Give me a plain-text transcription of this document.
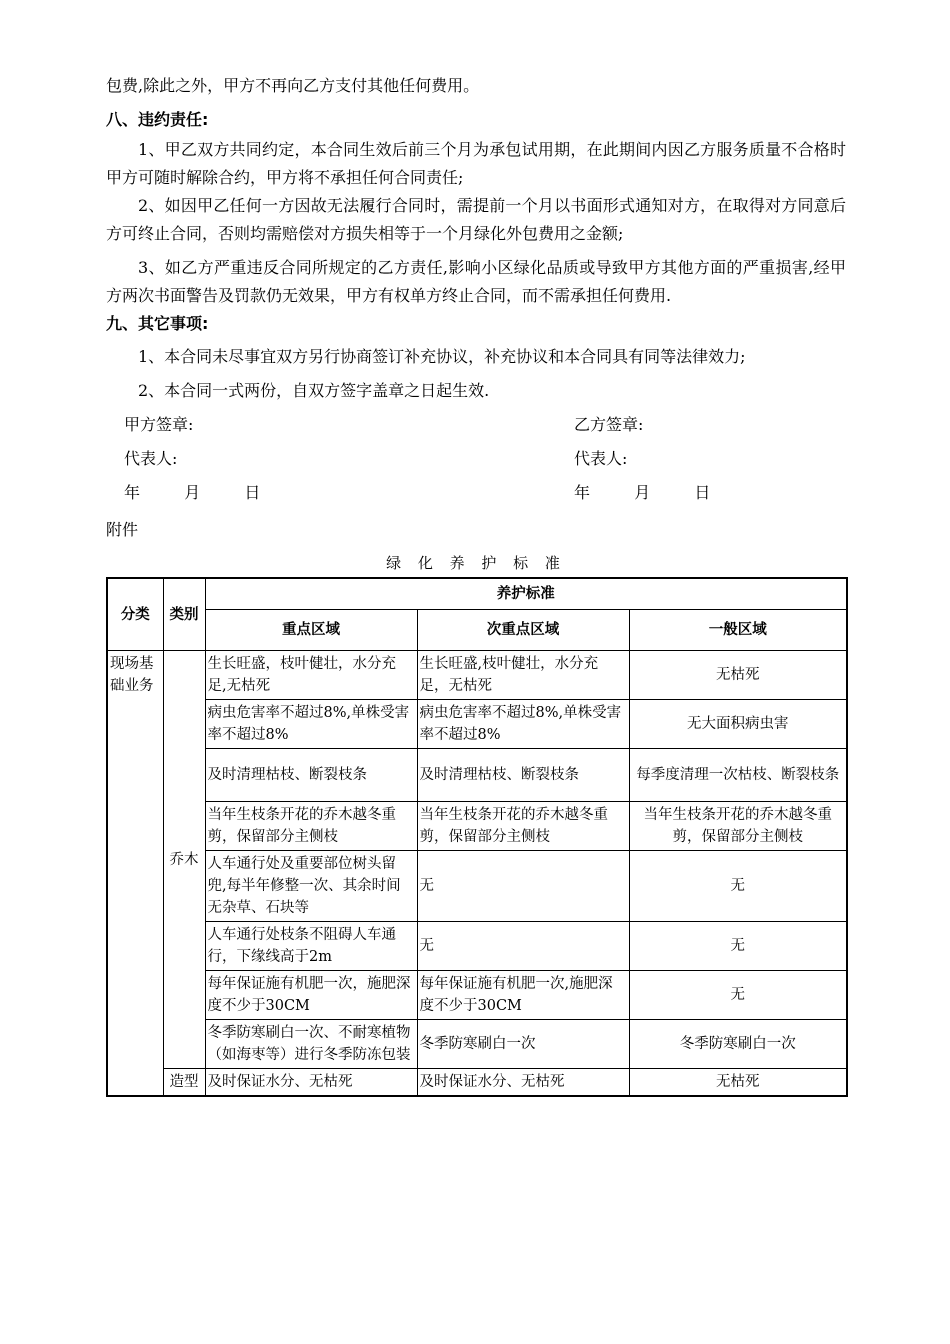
包费,除此之外，甲方不再向乙方支付其他任何费用。

八、违约责任:

1、甲乙双方共同约定，本合同生效后前三个月为承包试用期，在此期间内因乙方服务质量不合格时甲方可随时解除合约，甲方将不承担任何合同责任;

2、如因甲乙任何一方因故无法履行合同时，需提前一个月以书面形式通知对方，在取得对方同意后方可终止合同，否则均需赔偿对方损失相等于一个月绿化外包费用之金额;

3、如乙方严重违反合同所规定的乙方责任,影响小区绿化品质或导致甲方其他方面的严重损害,经甲方两次书面警告及罚款仍无效果，甲方有权单方终止合同，而不需承担任何费用.

九、其它事项:

1、本合同未尽事宜双方另行协商签订补充协议，补充协议和本合同具有同等法律效力;

2、本合同一式两份，自双方签字盖章之日起生效.

甲方签章:	乙方签章:
代表人:	代表人:
年	月	日	年	月	日
附件
绿 化 养 护 标 准
分类	类别	养护标准		
		重点区域	次重点区域	一般区域
现场基础业务	乔木	生长旺盛，枝叶健壮，水分充足,无枯死	生长旺盛,枝叶健壮，水分充足，无枯死	无枯死
		病虫危害率不超过8%,单株受害率不超过8%	病虫危害率不超过8%,单株受害率不超过8%	无大面积病虫害
		及时清理枯枝、断裂枝条	及时清理枯枝、断裂枝条	每季度清理一次枯枝、断裂枝条
		当年生枝条开花的乔木越冬重剪，保留部分主侧枝	当年生枝条开花的乔木越冬重剪，保留部分主侧枝	当年生枝条开花的乔木越冬重剪，保留部分主侧枝
		人车通行处及重要部位树头留兜,每半年修整一次、其余时间无杂草、石块等	无	无
		人车通行处枝条不阻碍人车通行，下缘线高于2m	无	无
		每年保证施有机肥一次，施肥深度不少于30CM	每年保证施有机肥一次,施肥深度不少于30CM	无
		冬季防寒刷白一次、不耐寒植物（如海枣等）进行冬季防冻包装	冬季防寒刷白一次	冬季防寒刷白一次
	造型	及时保证水分、无枯死	及时保证水分、无枯死	无枯死
